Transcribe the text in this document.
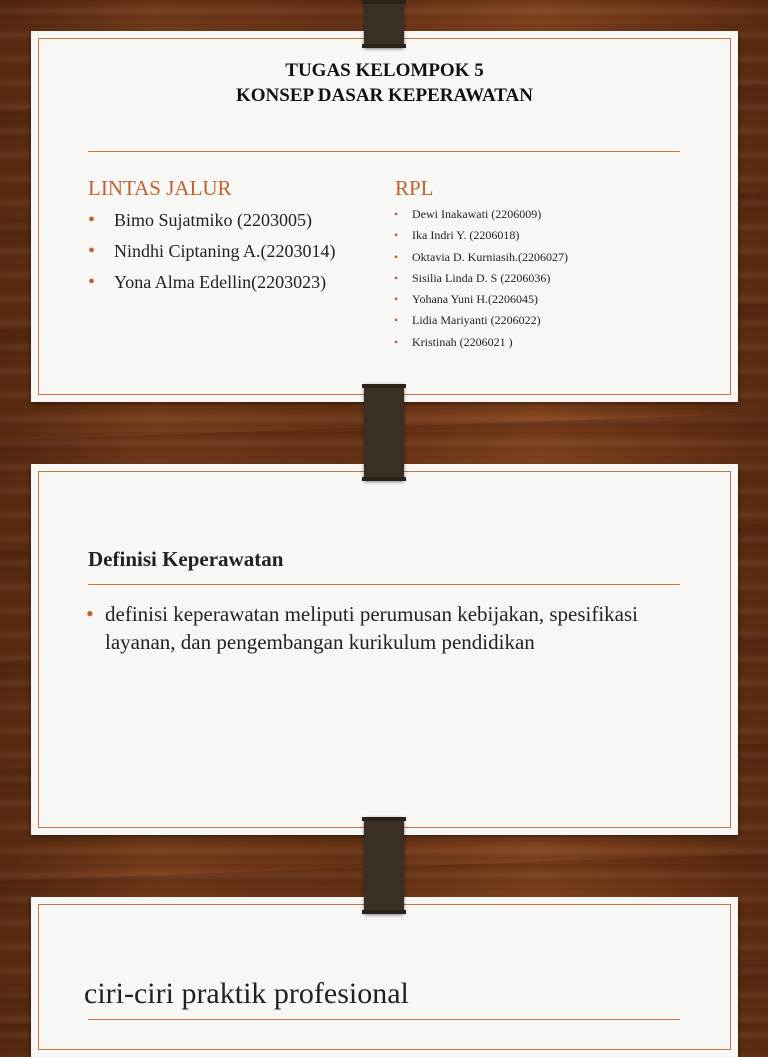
TUGAS KELOMPOK 5
KONSEP DASAR KEPERAWATAN
LINTAS JALUR
• Bimo Sujatmiko (2203005)
• Nindhi Ciptaning A.(2203014)
• Yona Alma Edellin(2203023)
RPL
• Dewi Inakawati (2206009)
• Ika Indri Y. (2206018)
• Oktavia D. Kurniasih.(2206027)
• Sisilia Linda D. S (2206036)
• Yohana Yuni H.(2206045)
• Lidia Mariyanti (2206022)
• Kristinah (2206021 )
Definisi Keperawatan
• definisi keperawatan meliputi perumusan kebijakan, spesifikasi layanan, dan pengembangan kurikulum pendidikan
ciri-ciri praktik profesional
